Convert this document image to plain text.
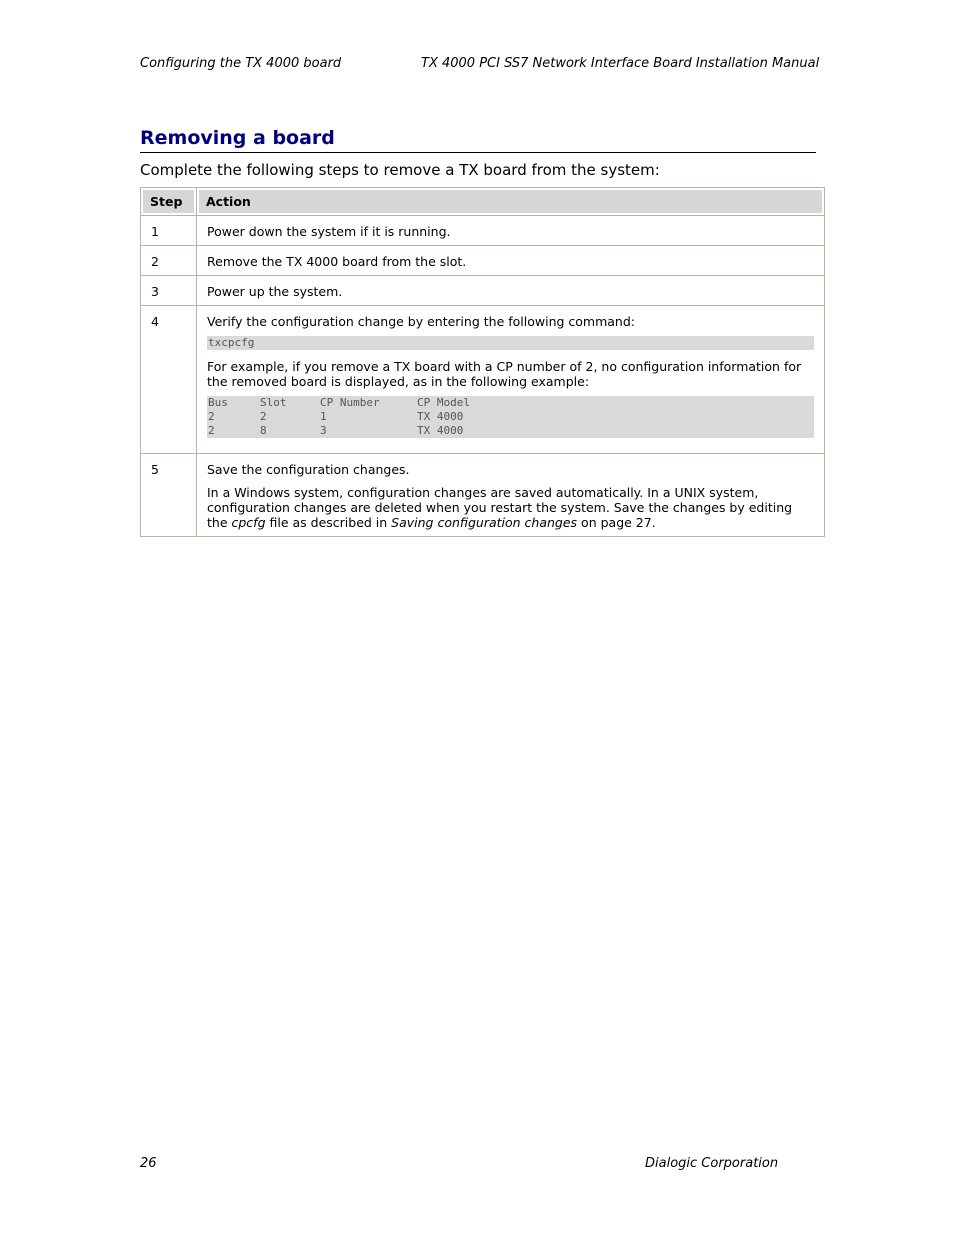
Configuring the TX 4000 board	TX 4000 PCI SS7 Network Interface Board Installation Manual
Removing a board
Complete the following steps to remove a TX board from the system:
Step	Action
1	Power down the system if it is running.
2	Remove the TX 4000 board from the slot.
3	Power up the system.
4	Verify the configuration change by entering the following command:

txcpcfg

For example, if you remove a TX board with a CP number of 2, no configuration information for the removed board is displayed, as in the following example:

Bus	Slot	CP Number	CP Model
2	2	1	TX 4000
2	8	3	TX 4000

5	Save the configuration changes.

In a Windows system, configuration changes are saved automatically. In a UNIX system, configuration changes are deleted when you restart the system. Save the changes by editing the cpcfg file as described in Saving configuration changes on page 27.

26	Dialogic Corporation
